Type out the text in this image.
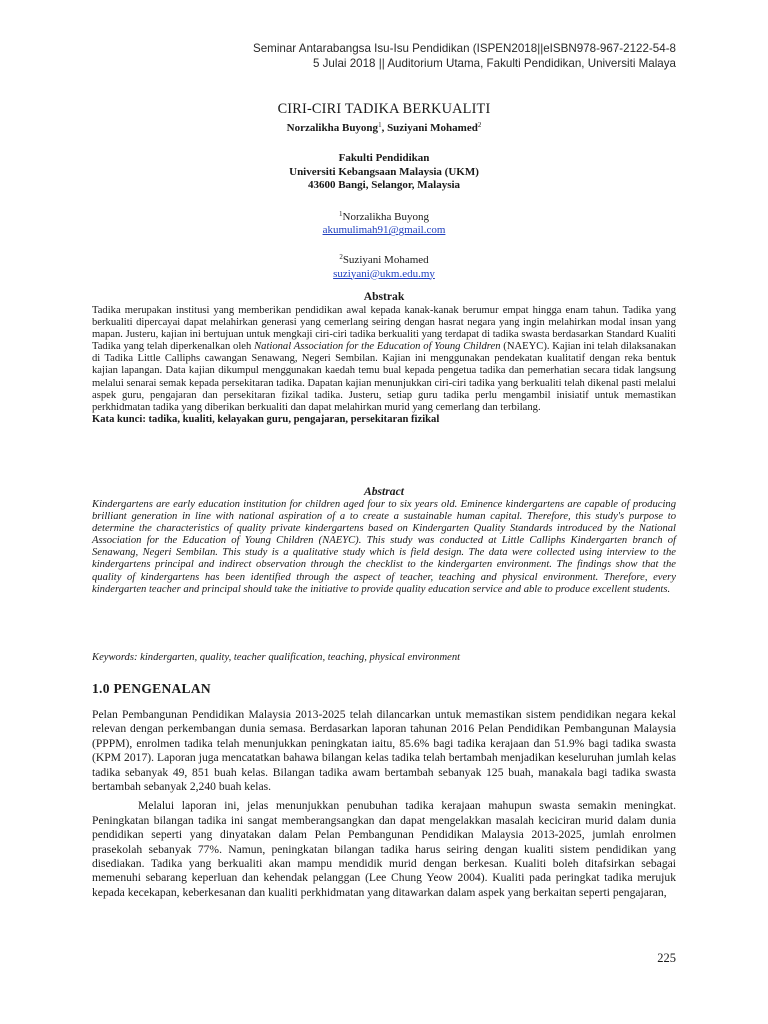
Seminar Antarabangsa Isu-Isu Pendidikan (ISPEN2018||eISBN978-967-2122-54-8
5 Julai 2018 || Auditorium Utama, Fakulti Pendidikan, Universiti Malaya
CIRI-CIRI TADIKA BERKUALITI
Norzalikha Buyong$^1$, Suziyani Mohamed$^2$
Fakulti Pendidikan
Universiti Kebangsaan Malaysia (UKM)
43600 Bangi, Selangor, Malaysia
$^1$Norzalikha Buyong
akumulimah91@gmail.com
$^2$Suziyani Mohamed
suziyani@ukm.edu.my
Abstrak
Tadika merupakan institusi yang memberikan pendidikan awal kepada kanak-kanak berumur empat hingga enam tahun. Tadika yang berkualiti dipercayai dapat melahirkan generasi yang cemerlang seiring dengan hasrat negara yang ingin melahirkan modal insan yang mapan. Justeru, kajian ini bertujuan untuk mengkaji ciri-ciri tadika berkualiti yang terdapat di tadika swasta berdasarkan Standard Kualiti Tadika yang telah diperkenalkan oleh National Association for the Education of Young Children (NAEYC). Kajian ini telah dilaksanakan di Tadika Little Calliphs cawangan Senawang, Negeri Sembilan. Kajian ini menggunakan pendekatan kualitatif dengan reka bentuk kajian lapangan. Data kajian dikumpul menggunakan kaedah temu bual kepada pengetua tadika dan pemerhatian secara tidak langsung melalui senarai semak kepada persekitaran tadika. Dapatan kajian menunjukkan ciri-ciri tadika yang berkualiti telah dikenal pasti melalui aspek guru, pengajaran dan persekitaran fizikal tadika. Justeru, setiap guru tadika perlu mengambil inisiatif untuk memastikan perkhidmatan tadika yang diberikan berkualiti dan dapat melahirkan murid yang cemerlang dan terbilang.
Kata kunci: tadika, kualiti, kelayakan guru, pengajaran, persekitaran fizikal
Abstract
Kindergartens are early education institution for children aged four to six years old. Eminence kindergartens are capable of producing brilliant generation in line with national aspiration of a to create a sustainable human capital. Therefore, this study's purpose to determine the characteristics of quality private kindergartens based on Kindergarten Quality Standards introduced by the National Association for the Education of Young Children (NAEYC). This study was conducted at Little Calliphs Kindergarten branch of Senawang, Negeri Sembilan. This study is a qualitative study which is field design. The data were collected using interview to the kindergartens principal and indirect observation through the checklist to the kindergarten environment. The findings show that the quality of kindergartens has been identified through the aspect of teacher, teaching and physical environment. Therefore, every kindergarten teacher and principal should take the initiative to provide quality education service and able to produce excellent students.
Keywords: kindergarten, quality, teacher qualification, teaching, physical environment
1.0 PENGENALAN

Pelan Pembangunan Pendidikan Malaysia 2013-2025 telah dilancarkan untuk memastikan sistem pendidikan negara kekal relevan dengan perkembangan dunia semasa. Berdasarkan laporan tahunan 2016 Pelan Pendidikan Pembangunan Malaysia (PPPM), enrolmen tadika telah menunjukkan peningkatan iaitu, 85.6% bagi tadika kerajaan dan 51.9% bagi tadika swasta (KPM 2017). Laporan juga mencatatkan bahawa bilangan kelas tadika telah bertambah menjadikan keseluruhan jumlah kelas tadika sebanyak 49, 851 buah kelas. Bilangan tadika awam bertambah sebanyak 125 buah, manakala bagi tadika swasta bertambah sebanyak 2,240 buah kelas.

Melalui laporan ini, jelas menunjukkan penubuhan tadika kerajaan mahupun swasta semakin meningkat. Peningkatan bilangan tadika ini sangat memberangsangkan dan dapat mengelakkan masalah keciciran murid dalam dunia pendidikan seperti yang dinyatakan dalam Pelan Pembangunan Pendidikan Malaysia 2013-2025, jumlah enrolmen prasekolah sebanyak 77%. Namun, peningkatan bilangan tadika harus seiring dengan kualiti sistem pendidikan yang disediakan. Tadika yang berkualiti akan mampu mendidik murid dengan berkesan. Kualiti boleh ditafsirkan sebagai memenuhi sebarang keperluan dan kehendak pelanggan (Lee Chung Yeow 2004). Kualiti pada peringkat tadika merujuk kepada kecekapan, keberkesanan dan kualiti perkhidmatan yang ditawarkan dalam aspek yang berkaitan seperti pengajaran,

225
